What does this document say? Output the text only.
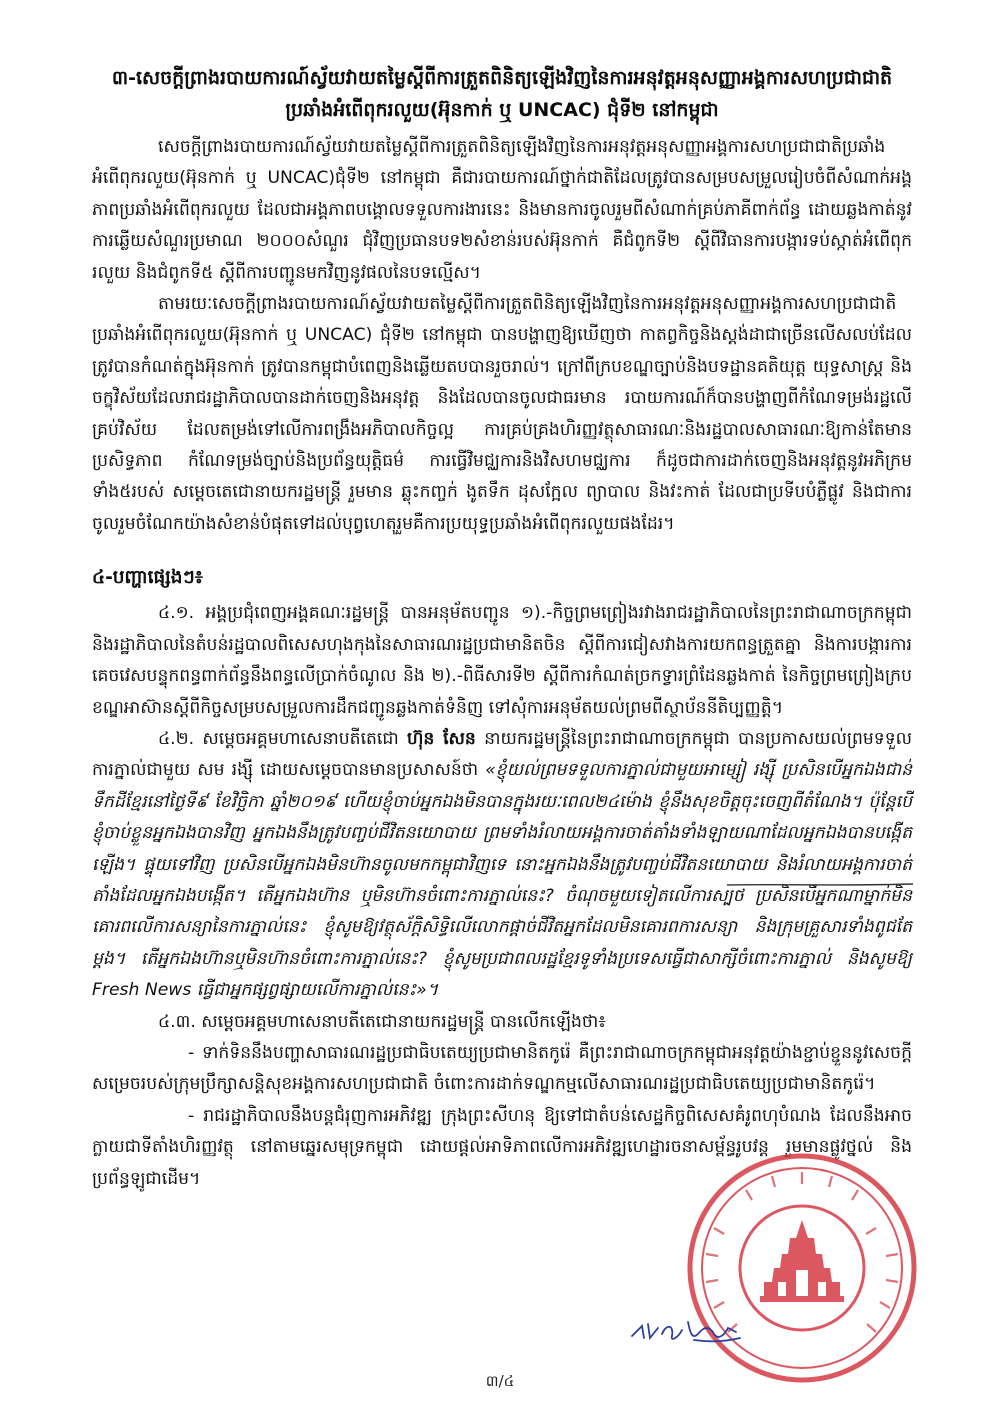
៣-សេចក្តីព្រាងរបាយការណ៍ស្វ័យវាយតម្លៃស្តីពីការត្រួតពិនិត្យឡើងវិញនៃការអនុវត្តអនុសញ្ញាអង្គការសហប្រជាជាតិប្រឆាំងអំពើពុករលួយ(អ៊ុនកាក់ ឬ UNCAC) ជុំទី២ នៅកម្ពុជា

សេចក្តីព្រាងរបាយការណ៍ស្វ័យវាយតម្លៃស្តីពីការត្រួតពិនិត្យឡើងវិញនៃការអនុវត្តអនុសញ្ញាអង្គការសហប្រជាជាតិប្រឆាំងអំពើពុករលួយ(អ៊ុនកាក់ ឬ UNCAC)ជុំទី២ នៅកម្ពុជា គឺជារបាយការណ៍ថ្នាក់ជាតិដែលត្រូវបានសម្របសម្រួលរៀបចំពីសំណាក់អង្គភាពប្រឆាំងអំពើពុករលួយ ដែលជាអង្គភាពបង្គោលទទួលការងារនេះ និងមានការចូលរួមពីសំណាក់គ្រប់ភាគីពាក់ព័ន្ធ ដោយឆ្លងកាត់នូវការឆ្លើយសំណួរប្រមាណ ២០០០សំណួរ ជុំវិញប្រធានបទ២សំខាន់របស់អ៊ុនកាក់ គឺជំពូកទី២ ស្តីពីវិធានការបង្ការទប់ស្កាត់អំពើពុករលួយ និងជំពូកទី៥ ស្តីពីការបញ្ជូនមកវិញនូវផលនៃបទល្មើស។

តាមរយៈសេចក្តីព្រាងរបាយការណ៍ស្វ័យវាយតម្លៃស្តីពីការត្រួតពិនិត្យឡើងវិញនៃការអនុវត្តអនុសញ្ញាអង្គការសហប្រជាជាតិប្រឆាំងអំពើពុករលួយ(អ៊ុនកាក់ ឬ UNCAC) ជុំទី២ នៅកម្ពុជា បានបង្ហាញឱ្យឃើញថា កាតព្វកិច្ចនិងស្តង់ដាជាច្រើនលើសលប់ដែលត្រូវបានកំណត់ក្នុងអ៊ុនកាក់ ត្រូវបានកម្ពុជាបំពេញនិងឆ្លើយតបបានរួចរាល់។ ក្រៅពីក្របខណ្ឌច្បាប់និងបទដ្ឋានគតិយុត្ត យុទ្ធសាស្ត្រ និងចក្ខុវិស័យដែលរាជរដ្ឋាភិបាលបានដាក់ចេញនិងអនុវត្ត និងដែលបានចូលជាធរមាន របាយការណ៍ក៏បានបង្ហាញពីកំណែទម្រង់រដ្ឋលើគ្រប់វិស័យ ដែលតម្រង់ទៅលើការពង្រឹងអភិបាលកិច្ចល្អ ការគ្រប់គ្រងហិរញ្ញវត្ថុសាធារណៈនិងរដ្ឋបាលសាធារណៈឱ្យកាន់តែមានប្រសិទ្ធភាព កំណែទម្រង់ច្បាប់និងប្រព័ន្ធយុត្តិធម៌ ការធ្វើវិមជ្ឈការនិងវិសហមជ្ឈការ ក៏ដូចជាការដាក់ចេញនិងអនុវត្តនូវអភិក្រមទាំង៥របស់ សម្តេចតេជោនាយករដ្ឋមន្ត្រី រួមមាន ឆ្លុះកញ្ចក់ ងូតទឹក ដុសក្អែល ព្យាបាល និងវះកាត់ ដែលជាប្រទីបបំភ្លឺផ្លូវ និងជាការចូលរួមចំណែកយ៉ាងសំខាន់បំផុតទៅដល់បុព្វហេតុរួមគឺការប្រយុទ្ធប្រឆាំងអំពើពុករលួយផងដែរ។

៤-បញ្ហាផ្សេងៗ៖

៤.១. អង្គប្រជុំពេញអង្គគណៈរដ្ឋមន្ត្រី បានអនុម័តបញ្ជូន ១).-កិច្ចព្រមព្រៀងរវាងរាជរដ្ឋាភិបាលនៃព្រះរាជាណាចក្រកម្ពុជា និងរដ្ឋាភិបាលនៃតំបន់រដ្ឋបាលពិសេសហុងកុងនៃសាធារណរដ្ឋប្រជាមានិតចិន ស្តីពីការជៀសវាងការយកពន្ធត្រួតគ្នា និងការបង្ការការគេចវេសបន្ទុកពន្ធពាក់ព័ន្ធនឹងពន្ធលើប្រាក់ចំណូល និង ២).-ពិធីសារទី២ ស្តីពីការកំណត់ច្រកទ្វារព្រំដែនឆ្លងកាត់ នៃកិច្ចព្រមព្រៀងក្របខណ្ឌអាស៊ានស្តីពីកិច្ចសម្របសម្រួលការដឹកជញ្ជូនឆ្លងកាត់ទំនិញ ទៅសុំការអនុម័តយល់ព្រមពីស្ថាប័ននីតិប្បញ្ញត្តិ។

៤.២. សម្តេចអគ្គមហាសេនាបតីតេជោ ហ៊ុន សែន នាយករដ្ឋមន្ត្រីនៃព្រះរាជាណាចក្រកម្ពុជា បានប្រកាសយល់ព្រមទទួលការភ្នាល់ជាមួយ សម រង្ស៊ី ដោយសម្តេចបានមានប្រសាសន៍ថា «ខ្ញុំយល់ព្រមទទួលការភ្នាល់ជាមួយអាម្សៀ រង្ស៊ី ប្រសិនបើអ្នកឯងជាន់ទឹកដីខ្មែរនៅថ្ងៃទី៩ ខែវិច្ឆិកា ឆ្នាំ២០១៩ ហើយខ្ញុំចាប់អ្នកឯងមិនបានក្នុងរយៈពេល២៤ម៉ោង ខ្ញុំនឹងសុខចិត្តចុះចេញពីតំណែង។ ប៉ុន្តែបើខ្ញុំចាប់ខ្លួនអ្នកឯងបានវិញ អ្នកឯងនឹងត្រូវបញ្ចប់ជីវិតនយោបាយ ព្រមទាំងរំលាយអង្គការចាត់តាំងទាំងឡាយណាដែលអ្នកឯងបានបង្កើតឡើង។ ផ្ទុយទៅវិញ ប្រសិនបើអ្នកឯងមិនហ៊ានចូលមកកម្ពុជាវិញទេ នោះអ្នកឯងនឹងត្រូវបញ្ចប់ជីវិតនយោបាយ និងរំលាយអង្គការចាត់តាំងដែលអ្នកឯងបង្កើត។ តើអ្នកឯងហ៊ាន ឬមិនហ៊ានចំពោះការភ្នាល់នេះ? ចំណុចមួយទៀតលើការស្បថ ប្រសិនបើអ្នកណាម្នាក់មិនគោរពលើការសន្យានៃការភ្នាល់នេះ ខ្ញុំសូមឱ្យវត្ថុស័ក្តិសិទ្ធិលើលោកផ្តាច់ជីវិតអ្នកដែលមិនគោរពការសន្យា និងក្រុមគ្រួសារទាំងពូជតែម្តង។ តើអ្នកឯងហ៊ានឬមិនហ៊ានចំពោះការភ្នាល់នេះ? ខ្ញុំសូមប្រជាពលរដ្ឋខ្មែរទូទាំងប្រទេសធ្វើជាសាក្សីចំពោះការភ្នាល់ និងសូមឱ្យ Fresh News ធ្វើជាអ្នកផ្សព្វផ្សាយលើការភ្នាល់នេះ»។

៤.៣. សម្តេចអគ្គមហាសេនាបតីតេជោនាយករដ្ឋមន្ត្រី បានលើកឡើងថា៖

- ទាក់ទិននឹងបញ្ហាសាធារណរដ្ឋប្រជាធិបតេយ្យប្រជាមានិតកូរ៉េ គឺព្រះរាជាណាចក្រកម្ពុជាអនុវត្តយ៉ាងខ្ជាប់ខ្ជួននូវសេចក្តីសម្រេចរបស់ក្រុមប្រឹក្សាសន្តិសុខអង្គការសហប្រជាជាតិ ចំពោះការដាក់ទណ្ឌកម្មលើសាធារណរដ្ឋប្រជាធិបតេយ្យប្រជាមានិតកូរ៉េ។

- រាជរដ្ឋាភិបាលនឹងបន្តជំរុញការអភិវឌ្ឍ ក្រុងព្រះសីហនុ ឱ្យទៅជាតំបន់សេដ្ឋកិច្ចពិសេសគំរូពហុបំណង ដែលនឹងអាចក្លាយជាទីតាំងហិរញ្ញវត្ថុ នៅតាមឆ្នេរសមុទ្រកម្ពុជា ដោយផ្តល់អាទិភាពលើការអភិវឌ្ឍហេដ្ឋារចនាសម្ព័ន្ធរូបវន្ត រួមមានផ្លូវថ្នល់ និងប្រព័ន្ធឡូជាដើម។

៣/៤
